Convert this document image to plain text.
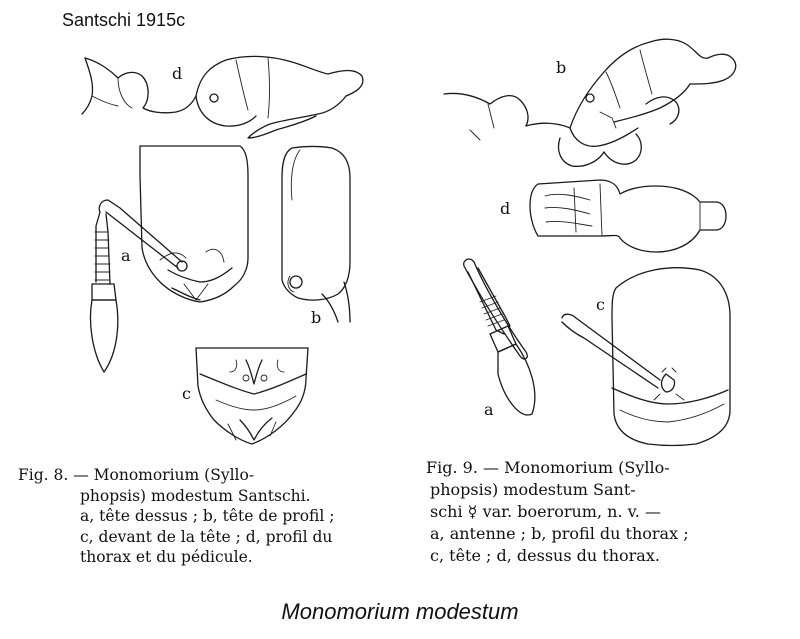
Santschi 1915c
d
a
b
c
b
d
c
a
Fig. 8. — Monomorium (Syllo-
phopsis) modestum Santschi.
a, tête dessus ; b, tête de profil ;
c, devant de la tête ; d, profil du
thorax et du pédicule.
Fig. 9. — Monomorium (Syllo-
phopsis) modestum Sant-
schi ☿ var. boerorum, n. v. —
a, antenne ; b, profil du thorax ;
c, tête ; d, dessus du thorax.
Monomorium modestum
